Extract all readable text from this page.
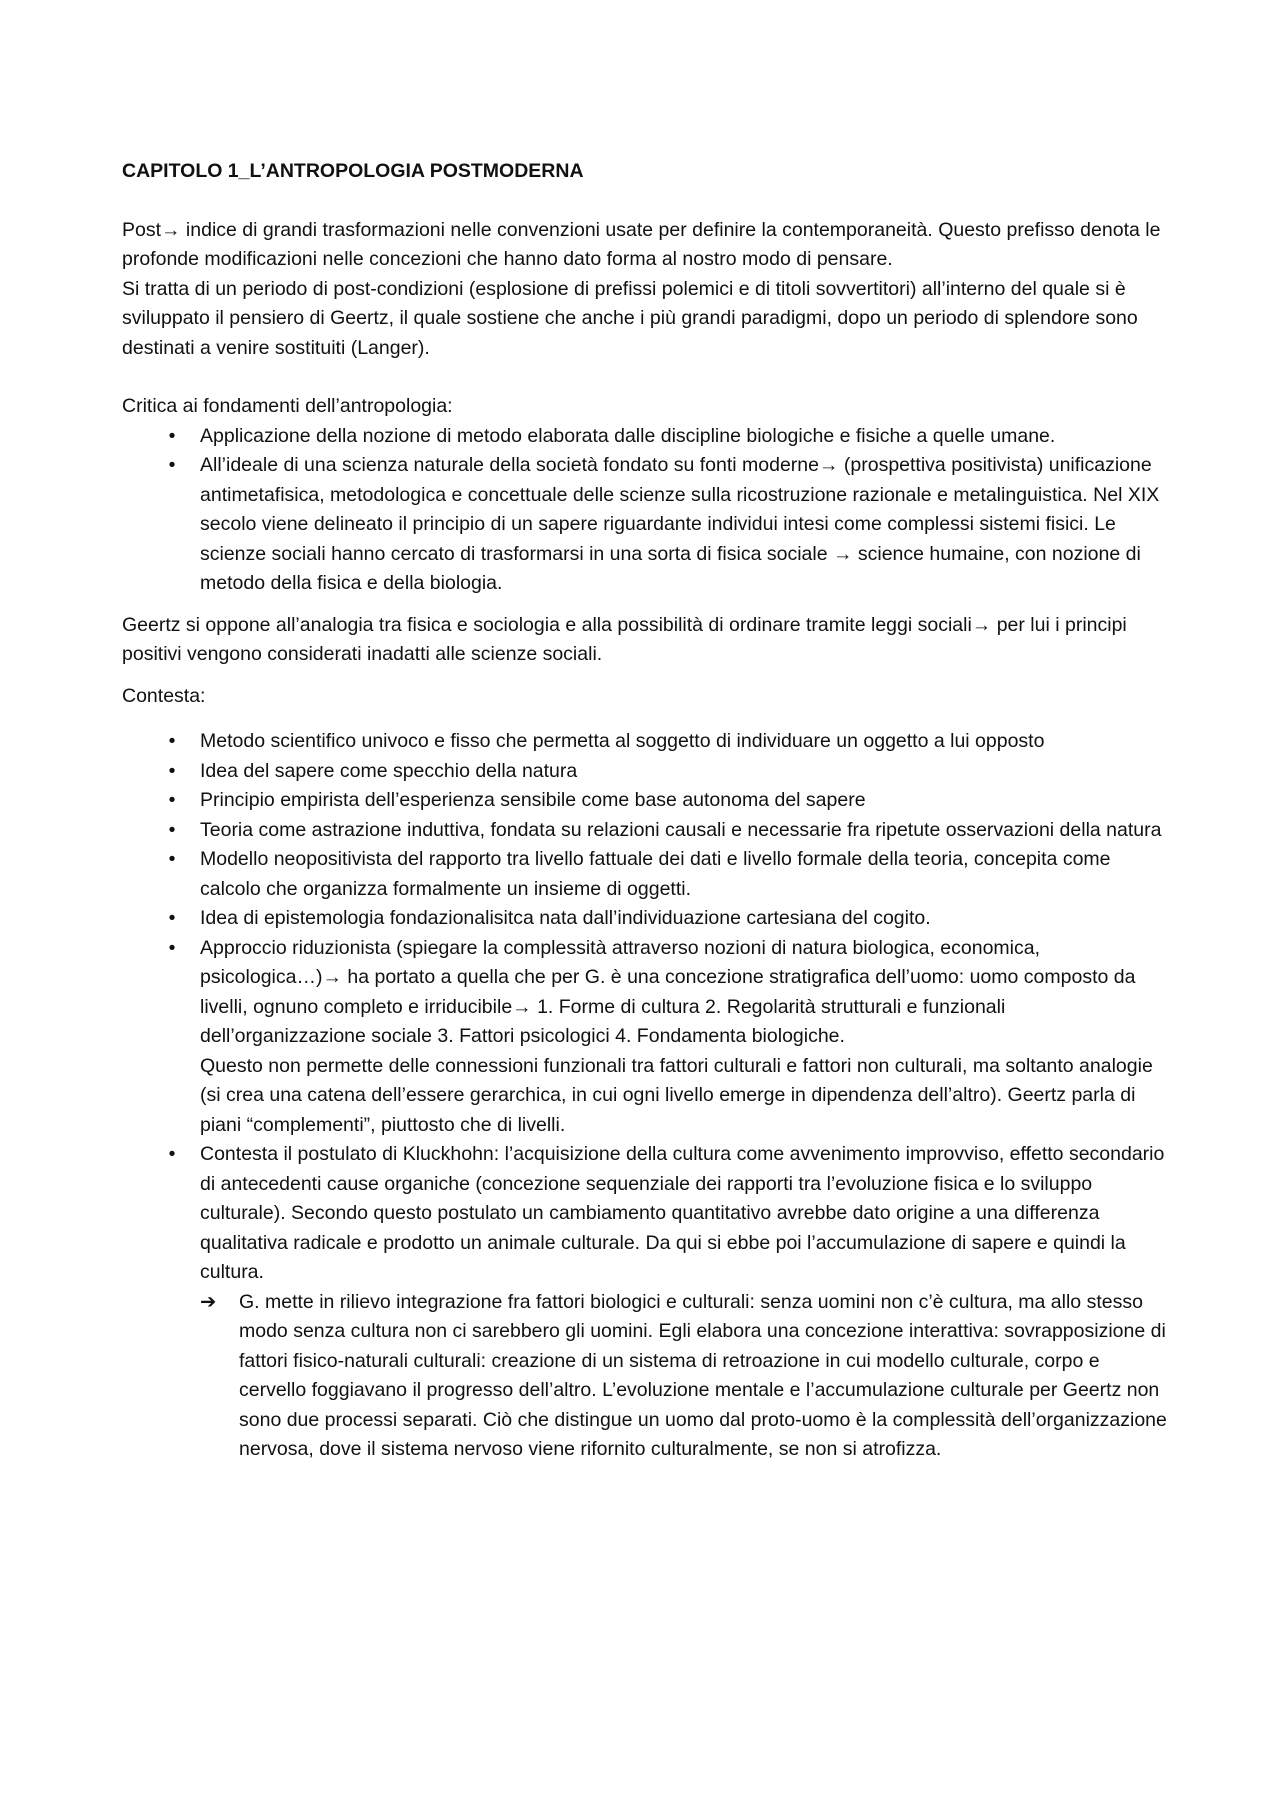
CAPITOLO 1_L’ANTROPOLOGIA POSTMODERNA

Post→ indice di grandi trasformazioni nelle convenzioni usate per definire la contemporaneità. Questo prefisso denota le profonde modificazioni nelle concezioni che hanno dato forma al nostro modo di pensare.

Si tratta di un periodo di post-condizioni (esplosione di prefissi polemici e di titoli sovvertitori) all’interno del quale si è sviluppato il pensiero di Geertz, il quale sostiene che anche i più grandi paradigmi, dopo un periodo di splendore sono destinati a venire sostituiti (Langer).

Critica ai fondamenti dell’antropologia:

• Applicazione della nozione di metodo elaborata dalle discipline biologiche e fisiche a quelle umane.
• All’ideale di una scienza naturale della società fondato su fonti moderne→ (prospettiva positivista) unificazione antimetafisica, metodologica e concettuale delle scienze sulla ricostruzione razionale e metalinguistica. Nel XIX secolo viene delineato il principio di un sapere riguardante individui intesi come complessi sistemi fisici. Le scienze sociali hanno cercato di trasformarsi in una sorta di fisica sociale → science humaine, con nozione di metodo della fisica e della biologia.

Geertz si oppone all’analogia tra fisica e sociologia e alla possibilità di ordinare tramite leggi sociali→ per lui i principi positivi vengono considerati inadatti alle scienze sociali.

Contesta:

• Metodo scientifico univoco e fisso che permetta al soggetto di individuare un oggetto a lui opposto
• Idea del sapere come specchio della natura
• Principio empirista dell’esperienza sensibile come base autonoma del sapere
• Teoria come astrazione induttiva, fondata su relazioni causali e necessarie fra ripetute osservazioni della natura
• Modello neopositivista del rapporto tra livello fattuale dei dati e livello formale della teoria, concepita come calcolo che organizza formalmente un insieme di oggetti.
• Idea di epistemologia fondazionalisitca nata dall’individuazione cartesiana del cogito.
• Approccio riduzionista (spiegare la complessità attraverso nozioni di natura biologica, economica, psicologica…)→ ha portato a quella che per G. è una concezione stratigrafica dell’uomo: uomo composto da livelli, ognuno completo e irriducibile→ 1. Forme di cultura 2. Regolarità strutturali e funzionali dell’organizzazione sociale 3. Fattori psicologici 4. Fondamenta biologiche.
Questo non permette delle connessioni funzionali tra fattori culturali e fattori non culturali, ma soltanto analogie (si crea una catena dell’essere gerarchica, in cui ogni livello emerge in dipendenza dell’altro). Geertz parla di piani “complementi”, piuttosto che di livelli.
• Contesta il postulato di Kluckhohn: l’acquisizione della cultura come avvenimento improvviso, effetto secondario di antecedenti cause organiche (concezione sequenziale dei rapporti tra l’evoluzione fisica e lo sviluppo culturale). Secondo questo postulato un cambiamento quantitativo avrebbe dato origine a una differenza qualitativa radicale e prodotto un animale culturale. Da qui si ebbe poi l’accumulazione di sapere e quindi la cultura.

➔ G. mette in rilievo integrazione fra fattori biologici e culturali: senza uomini non c’è cultura, ma allo stesso modo senza cultura non ci sarebbero gli uomini. Egli elabora una concezione interattiva: sovrapposizione di fattori fisico-naturali culturali: creazione di un sistema di retroazione in cui modello culturale, corpo e cervello foggiavano il progresso dell’altro. L’evoluzione mentale e l’accumulazione culturale per Geertz non sono due processi separati. Ciò che distingue un uomo dal proto-uomo è la complessità dell’organizzazione nervosa, dove il sistema nervoso viene rifornito culturalmente, se non si atrofizza.
